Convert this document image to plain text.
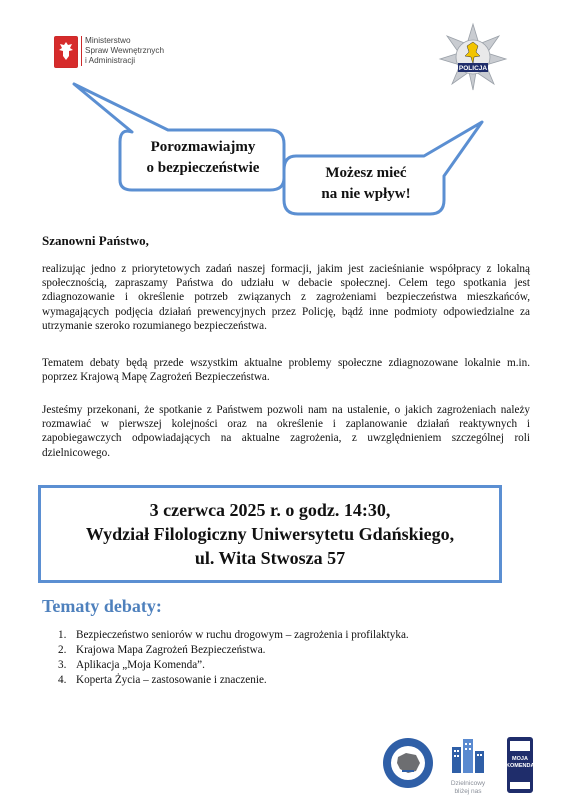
Ministerstwo
Spraw Wewnętrznych
i Administracji
POLICJA
Porozmawiajmy
o bezpieczeństwie	Możesz mieć
na nie wpływ!
Szanowni Państwo,
realizując jedno z priorytetowych zadań naszej formacji, jakim jest zacieśnianie współpracy z lokalną społecznością, zapraszamy Państwa do udziału w debacie społecznej. Celem tego spotkania jest zdiagnozowanie i określenie potrzeb związanych z zagrożeniami bezpieczeństwa mieszkańców, wymagających podjęcia działań prewencyjnych przez Policję, bądź inne podmioty odpowiedzialne za utrzymanie szeroko rozumianego bezpieczeństwa.
Tematem debaty będą przede wszystkim aktualne problemy społeczne zdiagnozowane lokalnie m.in. poprzez Krajową Mapę Zagrożeń Bezpieczeństwa.
Jesteśmy przekonani, że spotkanie z Państwem pozwoli nam na ustalenie, o jakich zagrożeniach należy rozmawiać w pierwszej kolejności oraz na określenie i zaplanowanie działań reaktywnych i zapobiegawczych odpowiadających na aktualne zagrożenia, z uwzględnieniem szczególnej roli dzielnicowego.
3 czerwca 2025 r. o godz. 14:30,
Wydział Filologiczny Uniwersytetu Gdańskiego,
ul. Wita Stwosza 57
Tematy debaty:
1. Bezpieczeństwo seniorów w ruchu drogowym – zagrożenia i profilaktyka.
2. Krajowa Mapa Zagrożeń Bezpieczeństwa.
3. Aplikacja „Moja Komenda”.
4. Koperta Życia – zastosowanie i znaczenie.
Dzielnicowy
bliżej nas
MOJA
KOMENDA
